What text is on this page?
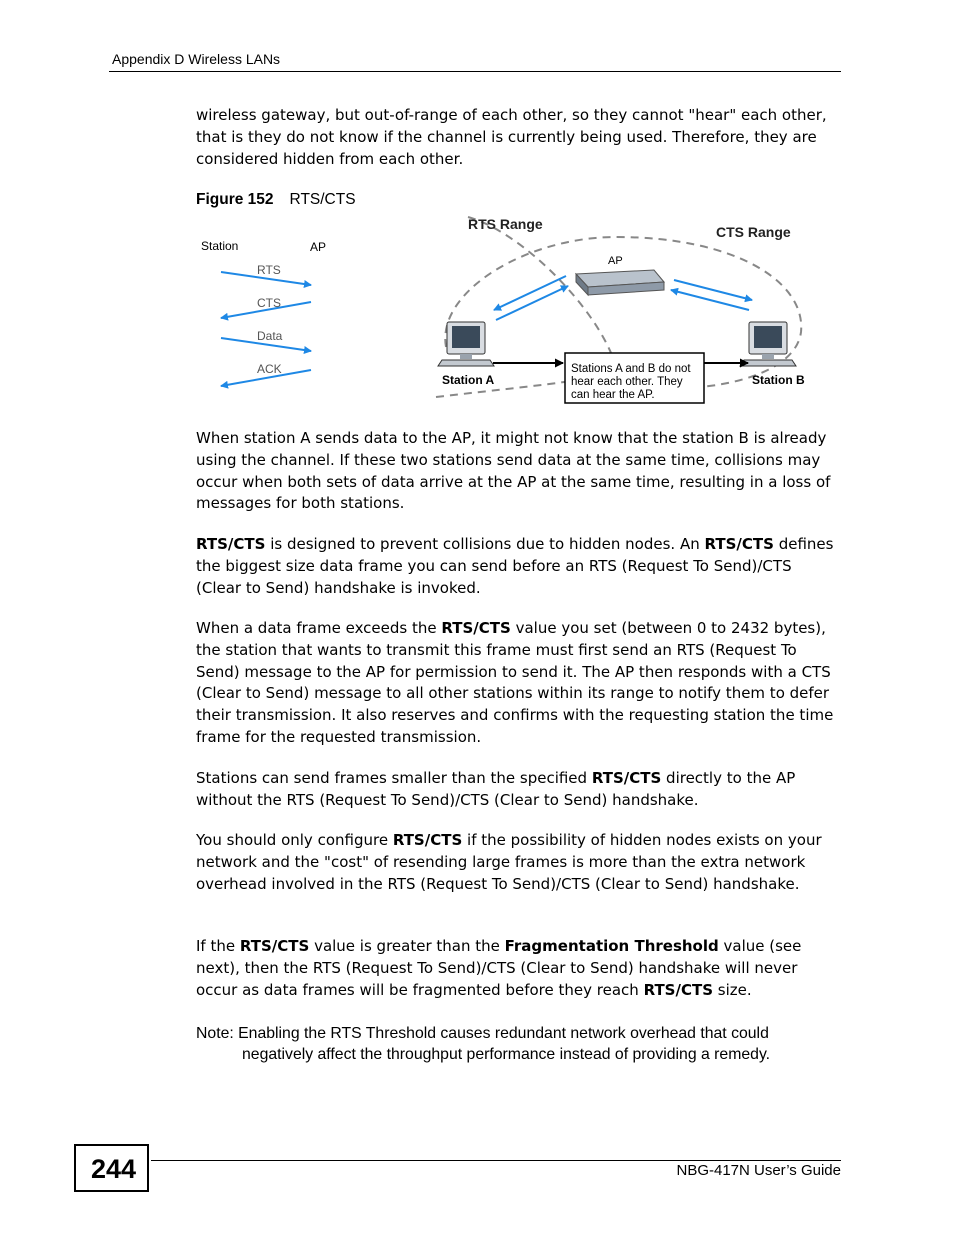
Appendix D Wireless LANs

wireless gateway, but out-of-range of each other, so they cannot "hear" each other, that is they do not know if the channel is currently being used. Therefore, they are considered hidden from each other.

Figure 152 RTS/CTS
Station	AP
RTS
CTS
Data
ACK
RTS Range	CTS Range
AP
Station A	Station B
Stations A and B do not
hear each other. They
can hear the AP.

When station A sends data to the AP, it might not know that the station B is already using the channel. If these two stations send data at the same time, collisions may occur when both sets of data arrive at the AP at the same time, resulting in a loss of messages for both stations.

RTS/CTS is designed to prevent collisions due to hidden nodes. An RTS/CTS defines the biggest size data frame you can send before an RTS (Request To Send)/CTS (Clear to Send) handshake is invoked.

When a data frame exceeds the RTS/CTS value you set (between 0 to 2432 bytes), the station that wants to transmit this frame must first send an RTS (Request To Send) message to the AP for permission to send it. The AP then responds with a CTS (Clear to Send) message to all other stations within its range to notify them to defer their transmission. It also reserves and confirms with the requesting station the time frame for the requested transmission.

Stations can send frames smaller than the specified RTS/CTS directly to the AP without the RTS (Request To Send)/CTS (Clear to Send) handshake.

You should only configure RTS/CTS if the possibility of hidden nodes exists on your network and the "cost" of resending large frames is more than the extra network overhead involved in the RTS (Request To Send)/CTS (Clear to Send) handshake.

If the RTS/CTS value is greater than the Fragmentation Threshold value (see next), then the RTS (Request To Send)/CTS (Clear to Send) handshake will never occur as data frames will be fragmented before they reach RTS/CTS size.

Note: Enabling the RTS Threshold causes redundant network overhead that could
negatively affect the throughput performance instead of providing a remedy.
244	NBG-417N User’s Guide
